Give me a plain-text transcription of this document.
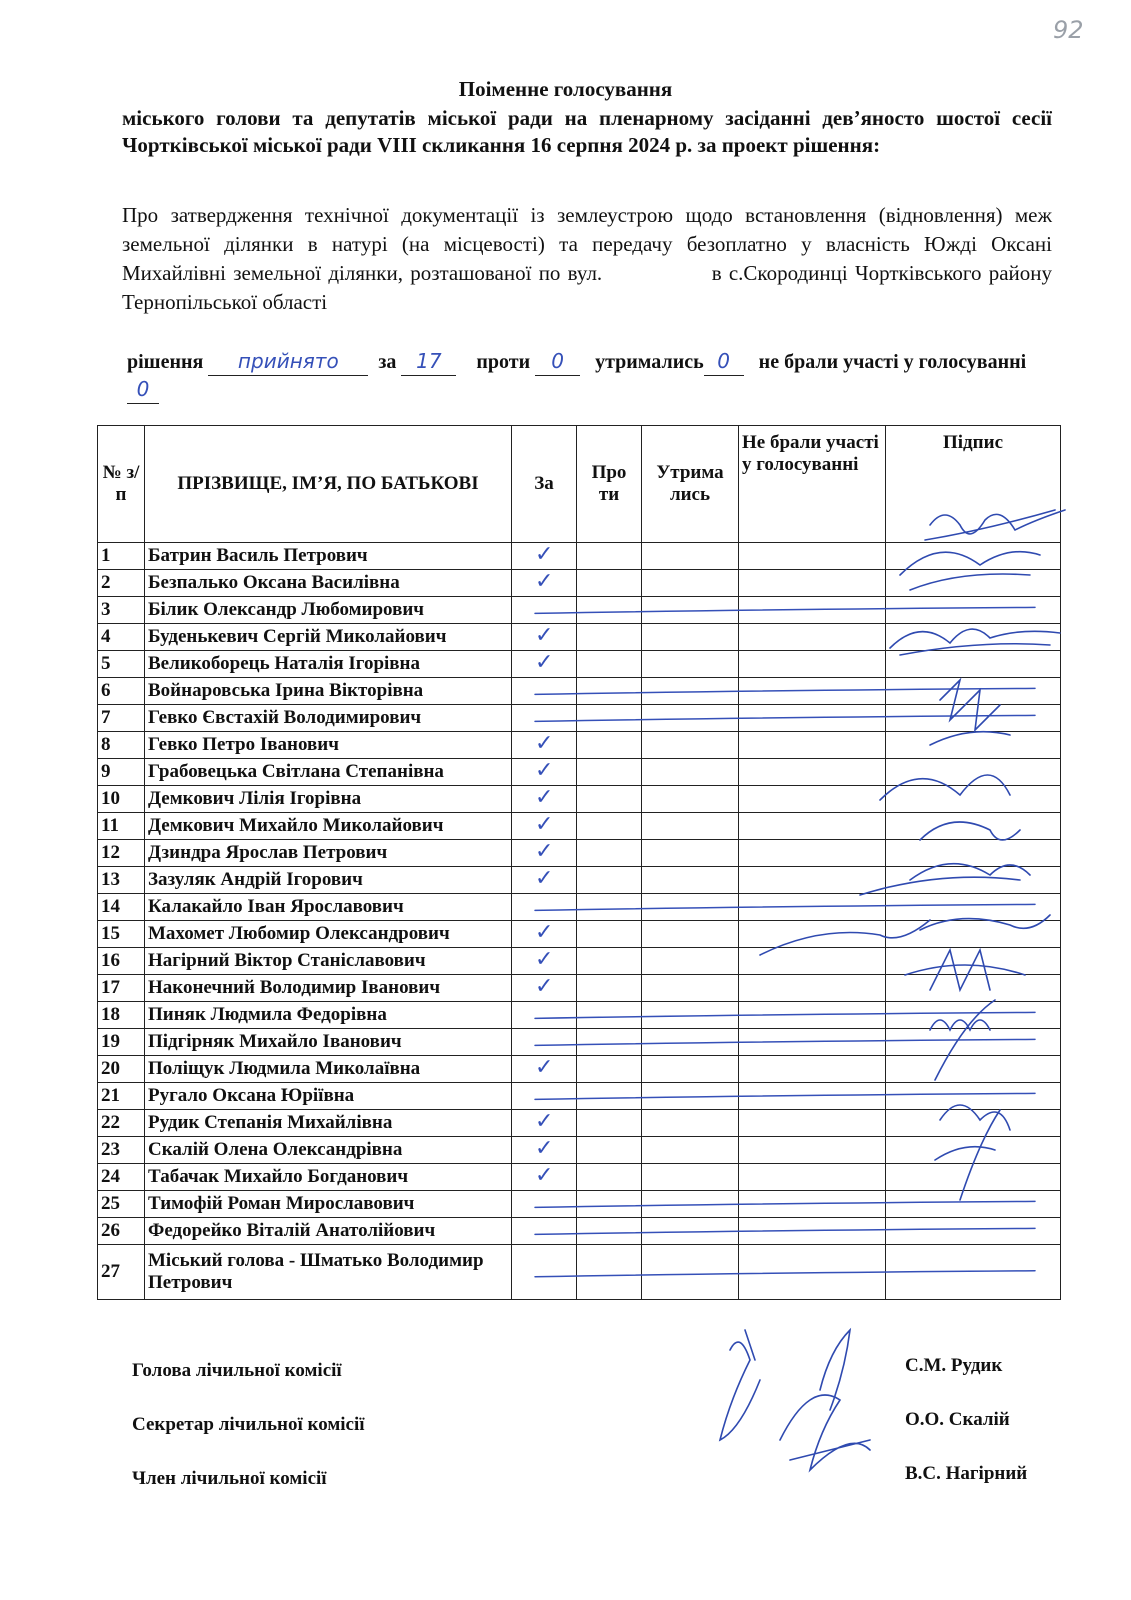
92
Поіменне голосування
міського голови та депутатів міської ради на пленарному засіданні дев’яносто шостої сесії Чортківської міської ради VIII скликання 16 серпня 2024 р. за проект рішення:
Про затвердження технічної документації із землеустрою щодо встановлення (відновлення) меж земельної ділянки в натурі (на місцевості) та передачу безоплатно у власність Южді Оксані Михайлівні земельної ділянки, розташованої по вул.	в с.Скородинці Чортківського району Тернопільської області
рішення прийнято за 17 проти 0 утримались 0 не брали участі у голосуванні0
№ з/п	ПРІЗВИЩЕ, ІМ’Я, ПО БАТЬКОВІ	За	Про ти	Утрима лись	Не брали участі у голосуванні	Підпис
1	Батрин Василь Петрович	✓				
2	Безпалько Оксана Василівна	✓				
3	Білик Олександр Любомирович					
4	Буденькевич Сергій Миколайович	✓				
5	Великоборець Наталія Ігорівна	✓				
6	Войнаровська Ірина Вікторівна					
7	Гевко Євстахій Володимирович					
8	Гевко Петро Іванович	✓				
9	Грабовецька Світлана Степанівна	✓				
10	Демкович Лілія Ігорівна	✓				
11	Демкович Михайло Миколайович	✓				
12	Дзиндра Ярослав Петрович	✓				
13	Зазуляк Андрій Ігорович	✓				
14	Калакайло Іван Ярославович					
15	Махомет Любомир Олександрович	✓				
16	Нагірний Віктор Станіславович	✓				
17	Наконечний Володимир Іванович	✓				
18	Пиняк Людмила Федорівна					
19	Підгірняк Михайло Іванович					
20	Поліщук Людмила Миколаївна	✓				
21	Ругало Оксана Юріївна					
22	Рудик Степанія Михайлівна	✓				
23	Скалій Олена Олександрівна	✓				
24	Табачак Михайло Богданович	✓				
25	Тимофій Роман Мирославович					
26	Федорейко Віталій Анатолійович					
27	Міський голова - Шматько Володимир Петрович					
Голова лічильної комісії	С.М. Рудик
Секретар лічильної комісії	О.О. Скалій
Член лічильної комісії	В.С. Нагірний
